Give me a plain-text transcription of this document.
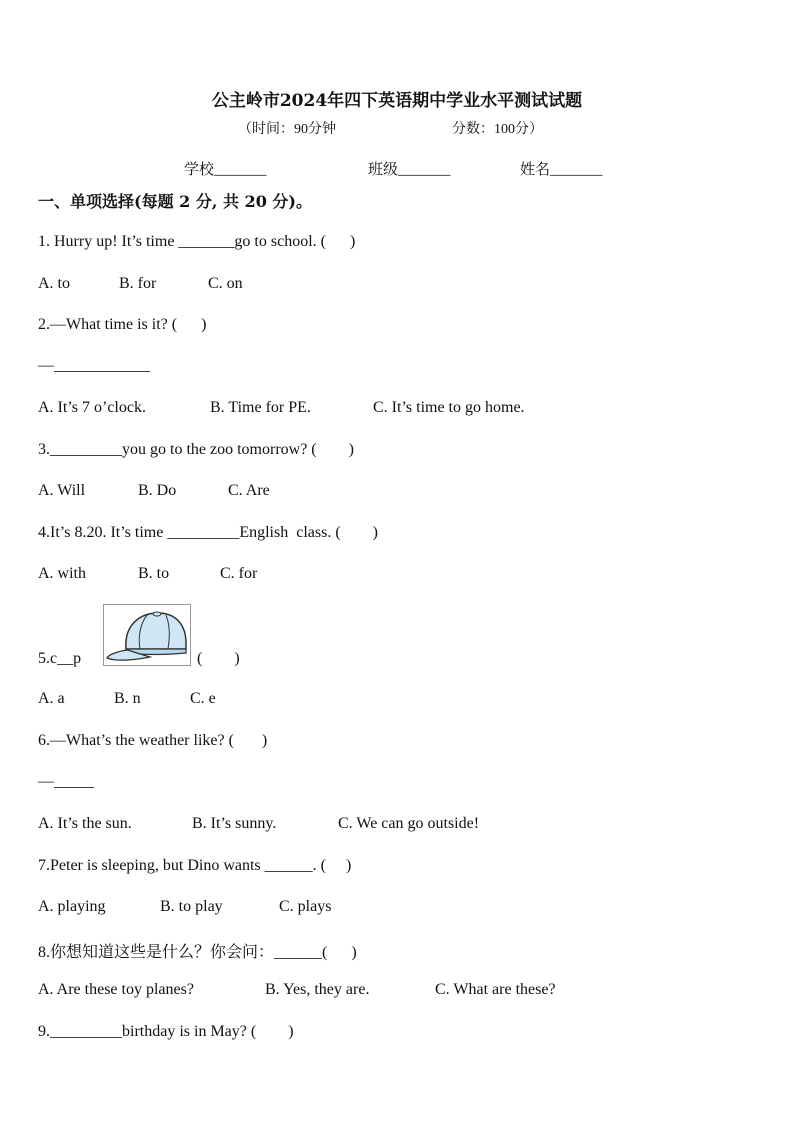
公主岭市2024年四下英语期中学业水平测试试题
（时间：90分钟	分数：100分）
学校_______	班级_______	姓名_______
一、单项选择(每题 2 分, 共 20 分)。
1. Hurry up! It’s time _______go to school. (      )
A. to	B. for	C. on
2.—What time is it? (      )
—____________
A. It’s 7 o’clock.	B. Time for PE.	C. It’s time to go home.
3._________you go to the zoo tomorrow? (        )
A. Will	B. Do	C. Are
4.It’s 8.20. It’s time _________English  class. (        )
A. with	B. to	C. for
5.c__p	(        )
A. a	B. n	C. e
6.—What’s the weather like? (       )
—_____
A. It’s the sun.	B. It’s sunny.	C. We can go outside!
7.Peter is sleeping, but Dino wants ______. (     )
A. playing	B. to play	C. plays
8.你想知道这些是什么？你会问：______(      )
A. Are these toy planes?	B. Yes, they are.	C. What are these?
9._________birthday is in May? (        )
